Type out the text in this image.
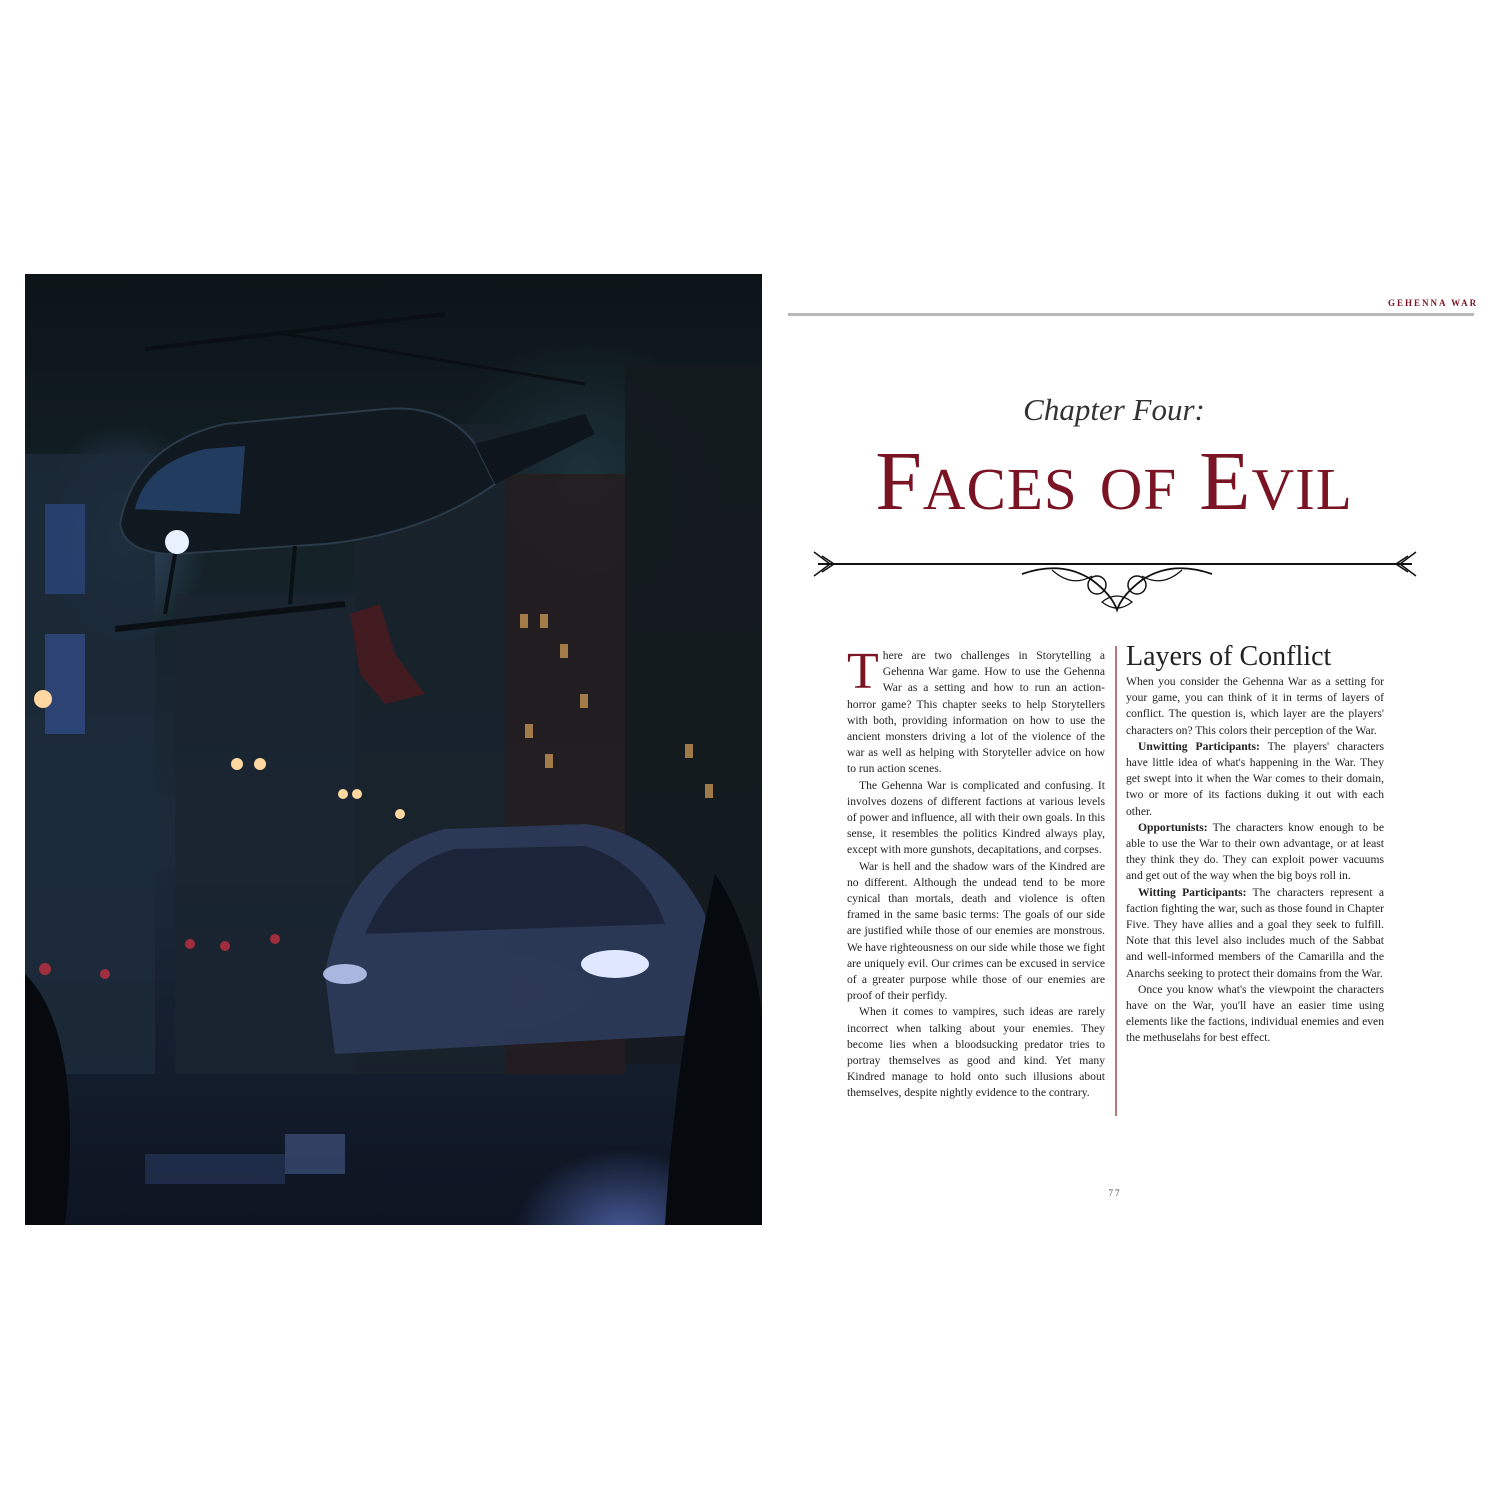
GEHENNA WAR
Chapter Four:
Faces of Evil

There are two challenges in Storytelling a Gehenna War game. How to use the Gehenna War as a setting and how to run an action-horror game? This chapter seeks to help Storytellers with both, providing information on how to use the ancient monsters driving a lot of the violence of the war as well as helping with Storyteller advice on how to run action scenes.

The Gehenna War is complicated and confusing. It involves dozens of different factions at various levels of power and influence, all with their own goals. In this sense, it resembles the politics Kindred always play, except with more gunshots, decapitations, and corpses.

War is hell and the shadow wars of the Kindred are no different. Although the undead tend to be more cynical than mortals, death and violence is often framed in the same basic terms: The goals of our side are justified while those of our enemies are monstrous. We have righteousness on our side while those we fight are uniquely evil. Our crimes can be excused in service of a greater purpose while those of our enemies are proof of their perfidy.

When it comes to vampires, such ideas are rarely incorrect when talking about your enemies. They become lies when a bloodsucking predator tries to portray themselves as good and kind. Yet many Kindred manage to hold onto such illusions about themselves, despite nightly evidence to the contrary.

Layers of Conflict

When you consider the Gehenna War as a setting for your game, you can think of it in terms of layers of conflict. The question is, which layer are the players' characters on? This colors their perception of the War.

Unwitting Participants: The players' characters have little idea of what's happening in the War. They get swept into it when the War comes to their domain, two or more of its factions duking it out with each other.

Opportunists: The characters know enough to be able to use the War to their own advantage, or at least they think they do. They can exploit power vacuums and get out of the way when the big boys roll in.

Witting Participants: The characters represent a faction fighting the war, such as those found in Chapter Five. They have allies and a goal they seek to fulfill. Note that this level also includes much of the Sabbat and well-informed members of the Camarilla and the Anarchs seeking to protect their domains from the War.

Once you know what's the viewpoint the characters have on the War, you'll have an easier time using elements like the factions, individual enemies and even the methuselahs for best effect.

77
